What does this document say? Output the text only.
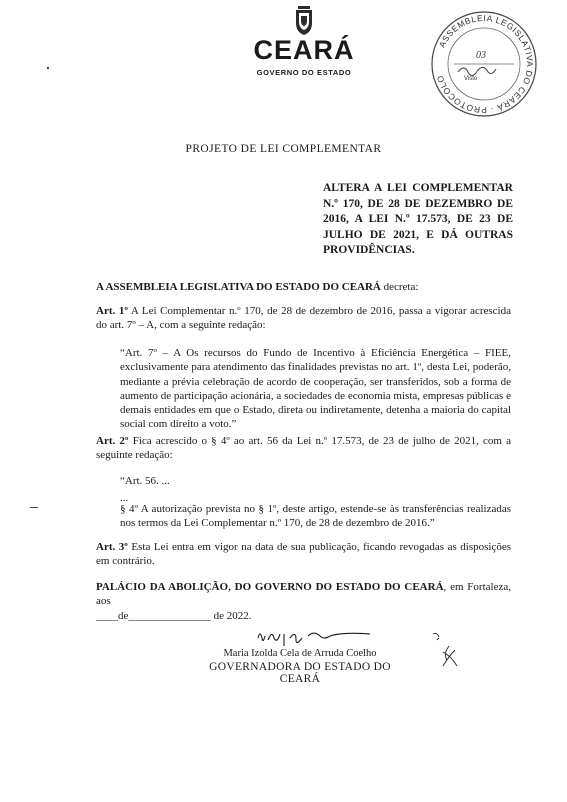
CEARÁ
GOVERNO DO ESTADO
ASSEMBLEIA LEGISLATIVA DO CEARÁ · PROTOCOLO
03
Visto
PROJETO DE LEI COMPLEMENTAR
ALTERA A LEI COMPLEMENTAR N.º 170, DE 28 DE DEZEMBRO DE 2016, A LEI N.º 17.573, DE 23 DE JULHO DE 2021, E DÁ OUTRAS PROVIDÊNCIAS.
A ASSEMBLEIA LEGISLATIVA DO ESTADO DO CEARÁ decreta:
Art. 1º A Lei Complementar n.º 170, de 28 de dezembro de 2016, passa a vigorar acrescida do art. 7º – A, com a seguinte redação:
“Art. 7º – A Os recursos do Fundo de Incentivo à Eficiência Energética – FIEE, exclusivamente para atendimento das finalidades previstas no art. 1º, desta Lei, poderão, mediante a prévia celebração de acordo de cooperação, ser transferidos, sob a forma de aumento de participação acionária, a sociedades de economia mista, empresas públicas e demais entidades em que o Estado, direta ou indiretamente, detenha a maioria do capital social com direito a voto.”
Art. 2º Fica acrescido o § 4º ao art. 56 da Lei n.º 17.573, de 23 de julho de 2021, com a seguinte redação:
“Art. 56. ...
...
§ 4º A autorização prevista no § 1º, deste artigo, estende-se às transferências realizadas nos termos da Lei Complementar n.º 170, de 28 de dezembro de 2016.”
Art. 3º Esta Lei entra em vigor na data de sua publicação, ficando revogadas as disposições em contrário.
PALÁCIO DA ABOLIÇÃO, DO GOVERNO DO ESTADO DO CEARÁ, em Fortaleza, aos
____de_______________ de 2022.
Maria Izolda Cela de Arruda Coelho
GOVERNADORA DO ESTADO DO CEARÁ
